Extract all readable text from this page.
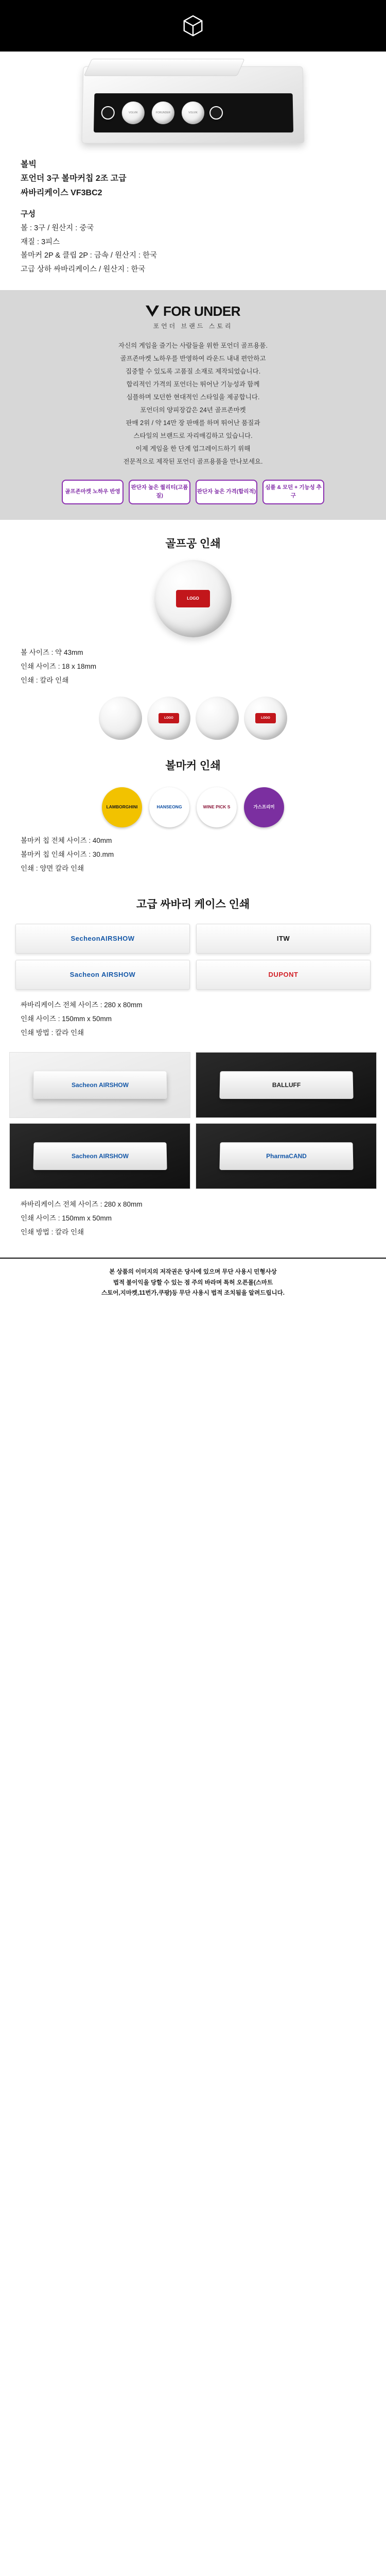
VOLVIK	FORUNDER	VOLVIK
볼빅
포언더 3구 볼마커칩 2조 고급
싸바리케이스 VF3BC2
구성
볼 : 3구 / 원산지 : 중국
재질 : 3피스
볼마커 2P & 클립 2P : 금속 / 원산지 : 한국
고급 상하 싸바리케이스 / 원산지 : 한국
FOR UNDER
포언더 브랜드 스토리
자신의 게임을 즐기는 사람들을 위한 포언더 골프용품.
골프존마켓 노하우를 반영하여 라운드 내내 편안하고
집중할 수 있도록 고품질 소재로 제작되었습니다.
합리적인 가격의 포언더는 뛰어난 기능성과 함께
심플하며 모던한 현대적인 스타일을 제공합니다.
포언더의 양피장갑은 24년 골프존마켓
판매 2위 / 약 14만 장 판매를 하며 뛰어난 품질과
스타일의 브랜드로 자리매김하고 있습니다.
이제 게임을 한 단계 업그레이드하기 위해
전문적으로 제작된 포언더 골프용품을 만나보세요.
골프존마켓 노하우 반영
판단자 높은 퀄리티(고품질)
판단자 높은 가격(합리적)
심플 & 모던 + 기능성 추구
골프공 인쇄
LOGO
볼 사이즈 : 약 43mm
인쇄 사이즈 : 18 x 18mm
인쇄 : 칼라 인쇄
LOGO	LOGO
볼마커 인쇄
LAMBORGHINI	HANSEONG	WINE PICK S	가스프리미
볼마커 칩 전체 사이즈 : 40mm
볼마커 칩 인쇄 사이즈 : 30.mm
인쇄 : 양면 칼라 인쇄
고급 싸바리 케이스 인쇄
SecheonAIRSHOW	ITW
Sacheon AIRSHOW	DUPONT
싸바리케이스 전체 사이즈 : 280 x 80mm
인쇄 사이즈 : 150mm x 50mm
인쇄 방법 : 칼라 인쇄
Sacheon AIRSHOW	BALLUFF
Sacheon AIRSHOW	PharmaCAND
싸바리케이스 전체 사이즈 : 280 x 80mm
인쇄 사이즈 : 150mm x 50mm
인쇄 방법 : 칼라 인쇄
본 상품의 이미지의 저작권은 당사에 있으며 무단 사용시 민형사상
법적 불이익을 당할 수 있는 점 주의 바라며 특허 오픈몰(스마트
스토어,지마켓,11번가,쿠팡)등 무단 사용시 법적 조치됨을 알려드립니다.
